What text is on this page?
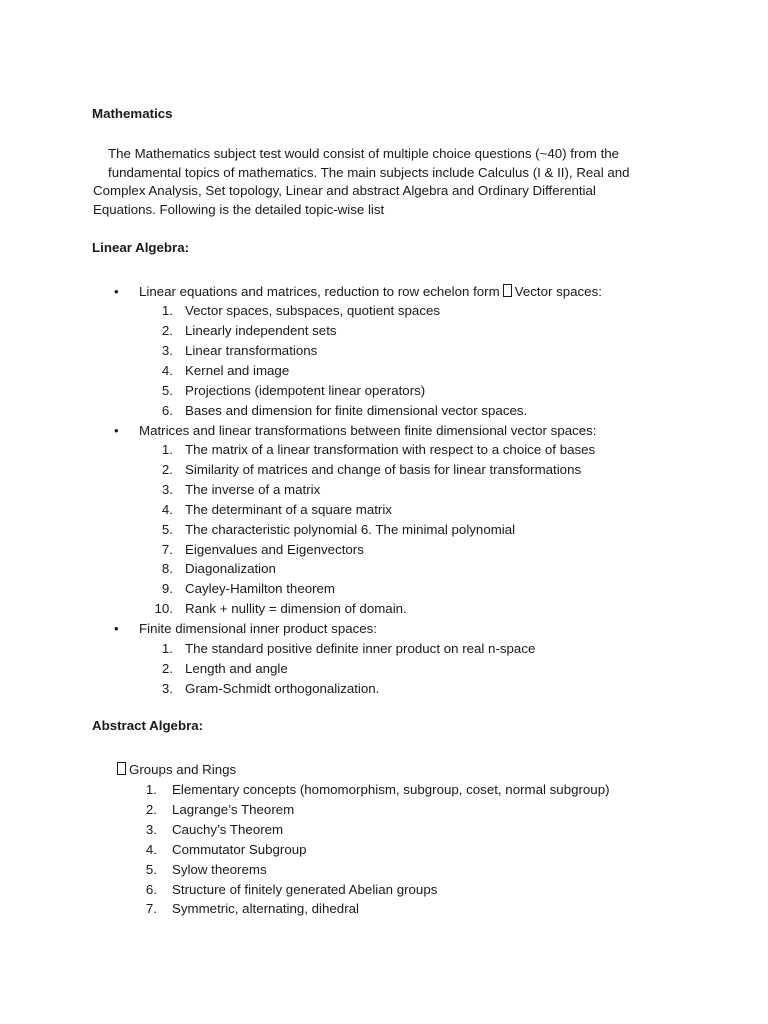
Mathematics

The Mathematics subject test would consist of multiple choice questions (~40) from the
fundamental topics of mathematics. The main subjects include Calculus (I & II), Real and
Complex Analysis, Set topology, Linear and abstract Algebra and Ordinary Differential
Equations. Following is the detailed topic-wise list

Linear Algebra:
•	Linear equations and matrices, reduction to row echelon form Vector spaces:
1. Vector spaces, subspaces, quotient spaces
2. Linearly independent sets
3. Linear transformations
4. Kernel and image
5. Projections (idempotent linear operators)
6. Bases and dimension for finite dimensional vector spaces.
•	Matrices and linear transformations between finite dimensional vector spaces:
1. The matrix of a linear transformation with respect to a choice of bases
2. Similarity of matrices and change of basis for linear transformations
3. The inverse of a matrix
4. The determinant of a square matrix
5. The characteristic polynomial 6. The minimal polynomial
7. Eigenvalues and Eigenvectors
8. Diagonalization
9. Cayley-Hamilton theorem
10. Rank + nullity = dimension of domain.
•	Finite dimensional inner product spaces:
1. The standard positive definite inner product on real n-space
2. Length and angle
3. Gram-Schmidt orthogonalization.
Abstract Algebra:
Groups and Rings
1. Elementary concepts (homomorphism, subgroup, coset, normal subgroup)
2. Lagrange’s Theorem
3. Cauchy’s Theorem
4. Commutator Subgroup
5. Sylow theorems
6. Structure of finitely generated Abelian groups
7. Symmetric, alternating, dihedral
